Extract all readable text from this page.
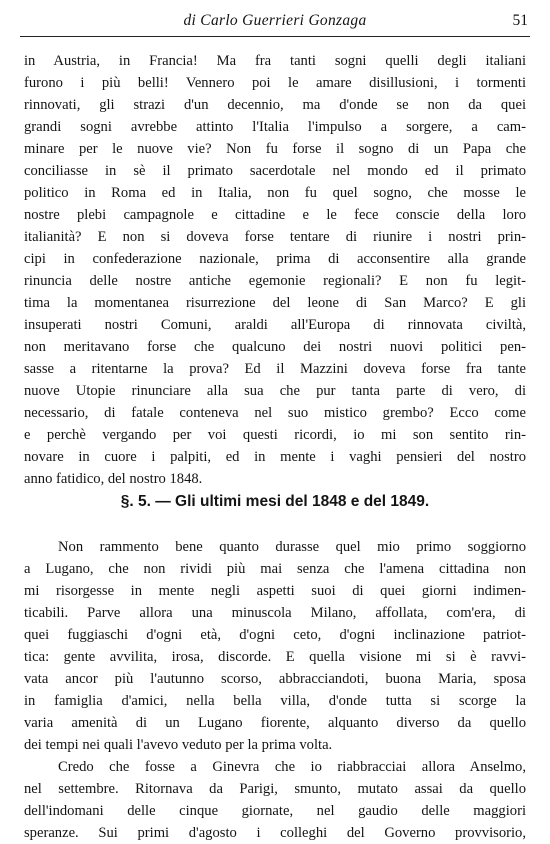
di Carlo Guerrieri Gonzaga	51
in Austria, in Francia! Ma fra tanti sogni quelli degli italiani
furono i più belli! Vennero poi le amare disillusioni, i tormenti
rinnovati, gli strazi d'un decennio, ma d'onde se non da quei
grandi sogni avrebbe attinto l'Italia l'impulso a sorgere, a cam-
minare per le nuove vie? Non fu forse il sogno di un Papa che
conciliasse in sè il primato sacerdotale nel mondo ed il primato
politico in Roma ed in Italia, non fu quel sogno, che mosse le
nostre plebi campagnole e cittadine e le fece conscie della loro
italianità? E non si doveva forse tentare di riunire i nostri prin-
cipi in confederazione nazionale, prima di acconsentire alla grande
rinuncia delle nostre antiche egemonie regionali? E non fu legit-
tima la momentanea risurrezione del leone di San Marco? E gli
insuperati nostri Comuni, araldi all'Europa di rinnovata civiltà,
non meritavano forse che qualcuno dei nostri nuovi politici pen-
sasse a ritentarne la prova? Ed il Mazzini doveva forse fra tante
nuove Utopie rinunciare alla sua che pur tanta parte di vero, di
necessario, di fatale conteneva nel suo mistico grembo? Ecco come
e perchè vergando per voi questi ricordi, io mi son sentito rin-
novare in cuore i palpiti, ed in mente i vaghi pensieri del nostro
anno fatidico, del nostro 1848.
§. 5. — Gli ultimi mesi del 1848 e del 1849.
Non rammento bene quanto durasse quel mio primo soggiorno
a Lugano, che non rividi più mai senza che l'amena cittadina non
mi risorgesse in mente negli aspetti suoi di quei giorni indimen-
ticabili. Parve allora una minuscola Milano, affollata, com'era, di
quei fuggiaschi d'ogni età, d'ogni ceto, d'ogni inclinazione patriot-
tica: gente avvilita, irosa, discorde. E quella visione mi si è ravvi-
vata ancor più l'autunno scorso, abbracciandoti, buona Maria, sposa
in famiglia d'amici, nella bella villa, d'onde tutta si scorge la
varia amenità di un Lugano fiorente, alquanto diverso da quello
dei tempi nei quali l'avevo veduto per la prima volta.
Credo che fosse a Ginevra che io riabbracciai allora Anselmo,
nel settembre. Ritornava da Parigi, smunto, mutato assai da quello
dell'indomani delle cinque giornate, nel gaudio delle maggiori
speranze. Sui primi d'agosto i colleghi del Governo provvisorio,
